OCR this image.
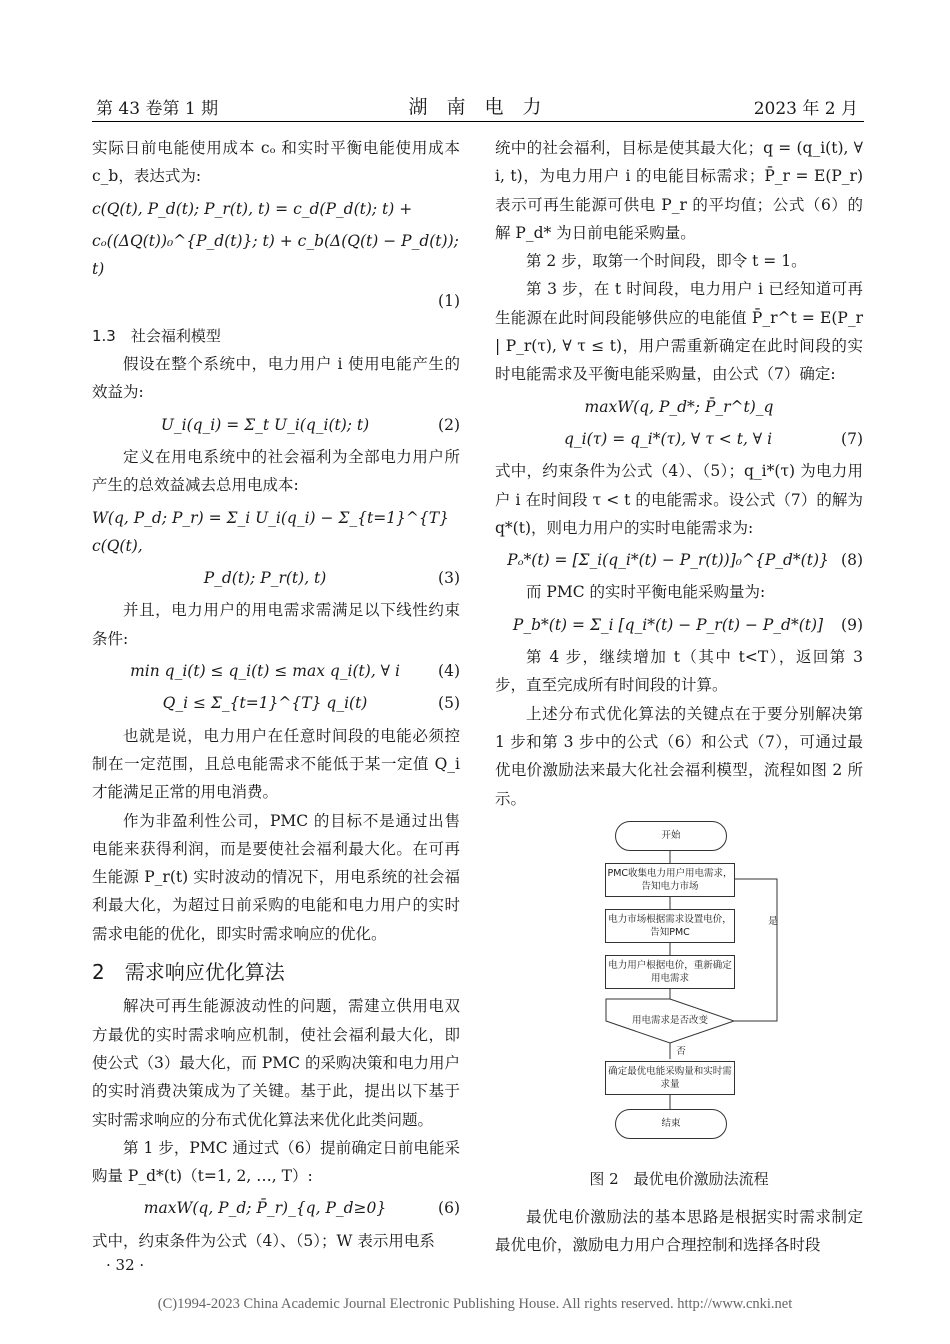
第 43 卷第 1 期	湖　南　电　力	2023 年 2 月

实际日前电能使用成本 cₒ 和实时平衡电能使用成本 c_b，表达式为:

c(Q(t), P_d(t); P_r(t), t) = c_d(P_d(t); t) +
cₒ((ΔQ(t))₀^{P_d(t)}; t) + c_b(Δ(Q(t) − P_d(t)); t)
(1)
1.3　社会福利模型

假设在整个系统中，电力用户 i 使用电能产生的效益为:

U_i(q_i) = Σ_t U_i(q_i(t); t)	(2)

定义在用电系统中的社会福利为全部电力用户所产生的总效益减去总用电成本:

W(q, P_d; P_r) = Σ_i U_i(q_i) − Σ_{t=1}^{T} c(Q(t),
P_d(t); P_r(t), t)	(3)

并且，电力用户的用电需求需满足以下线性约束条件:

min q_i(t) ≤ q_i(t) ≤ max q_i(t), ∀ i	(4)
Q_i ≤ Σ_{t=1}^{T} q_i(t)	(5)

也就是说，电力用户在任意时间段的电能必须控制在一定范围，且总电能需求不能低于某一定值 Q_i 才能满足正常的用电消费。

作为非盈利性公司，PMC 的目标不是通过出售电能来获得利润，而是要使社会福利最大化。在可再生能源 P_r(t) 实时波动的情况下，用电系统的社会福利最大化，为超过日前采购的电能和电力用户的实时需求电能的优化，即实时需求响应的优化。

2　需求响应优化算法

解决可再生能源波动性的问题，需建立供用电双方最优的实时需求响应机制，使社会福利最大化，即使公式（3）最大化，而 PMC 的采购决策和电力用户的实时消费决策成为了关键。基于此，提出以下基于实时需求响应的分布式优化算法来优化此类问题。

第 1 步，PMC 通过式（6）提前确定日前电能采购量 P_d*(t)（t=1, 2, …, T）:

maxW(q, P_d; P̄_r)_{q, P_d≥0}	(6)

式中，约束条件为公式（4）、（5）；W 表示用电系

统中的社会福利，目标是使其最大化；q = (q_i(t), ∀ i, t)，为电力用户 i 的电能目标需求；P̄_r = E(P_r) 表示可再生能源可供电 P_r 的平均值；公式（6）的解 P_d* 为日前电能采购量。

第 2 步，取第一个时间段，即令 t = 1。

第 3 步，在 t 时间段，电力用户 i 已经知道可再生能源在此时间段能够供应的电能值 P̄_r^t = E(P_r | P_r(τ), ∀ τ ≤ t)，用户需重新确定在此时间段的实时电能需求及平衡电能采购量，由公式（7）确定:

maxW(q, P_d*; P̄_r^t)_q
q_i(τ) = q_i*(τ), ∀ τ < t, ∀ i	(7)

式中，约束条件为公式（4）、（5）；q_i*(τ) 为电力用户 i 在时间段 τ < t 的电能需求。设公式（7）的解为 q*(t)，则电力用户的实时电能需求为:

Pₒ*(t) = [Σ_i(q_i*(t) − P_r(t))]₀^{P_d*(t)} (8)

而 PMC 的实时平衡电能采购量为:

P_b*(t) = Σ_i [q_i*(t) − P_r(t) − P_d*(t)]	(9)

第 4 步，继续增加 t（其中 t<T），返回第 3 步，直至完成所有时间段的计算。

上述分布式优化算法的关键点在于要分别解决第 1 步和第 3 步中的公式（6）和公式（7），可通过最优电价激励法来最大化社会福利模型，流程如图 2 所示。

开始
PMC收集电力用户用电需求，告知电力市场
电力市场根据需求设置电价，告知PMC
电力用户根据电价，重新确定用电需求
用电需求是否改变
是
否
确定最优电能采购量和实时需求量
结束
图 2　最优电价激励法流程

最优电价激励法的基本思路是根据实时需求制定最优电价，激励电力用户合理控制和选择各时段

· 32 ·
(C)1994-2023 China Academic Journal Electronic Publishing House. All rights reserved. http://www.cnki.net
